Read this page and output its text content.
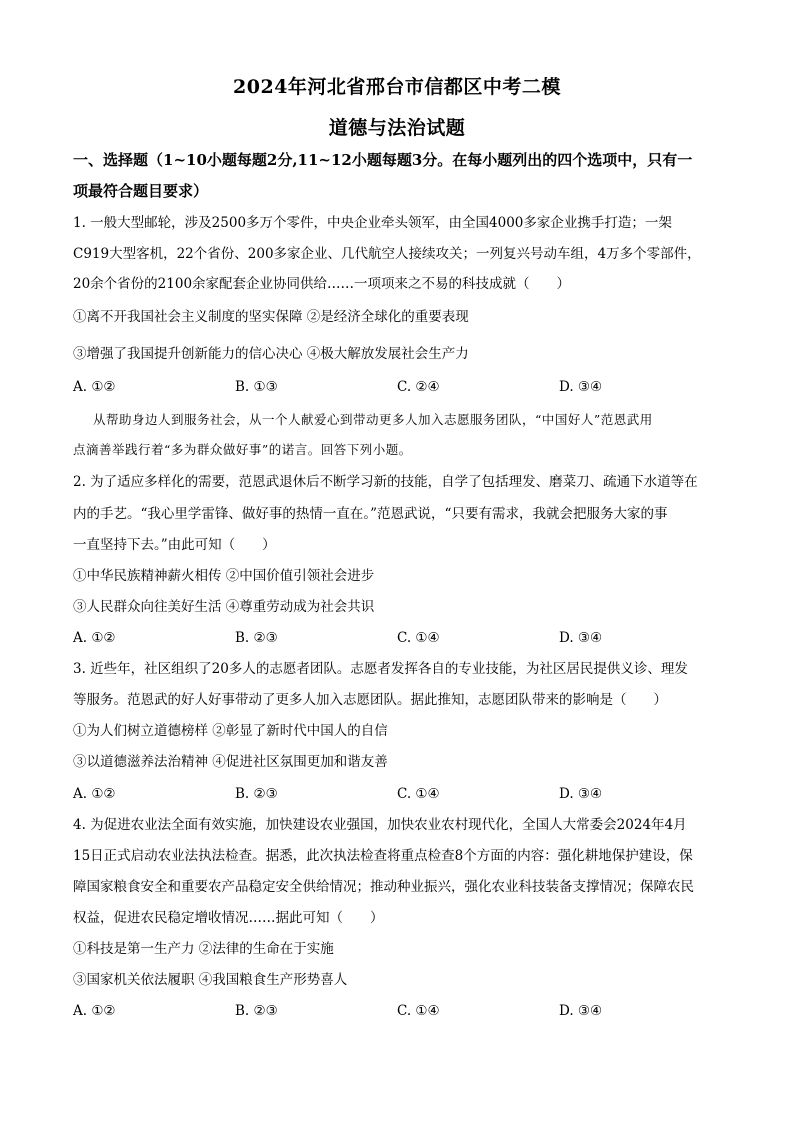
2024年河北省邢台市信都区中考二模
道德与法治试题
一、选择题（1~10小题每题2分,11~12小题每题3分。在每小题列出的四个选项中，只有一
项最符合题目要求）
1. 一般大型邮轮，涉及2500多万个零件，中央企业牵头领军，由全国4000多家企业携手打造；一架
C919大型客机，22个省份、200多家企业、几代航空人接续攻关；一列复兴号动车组，4万多个零部件，
20余个省份的2100余家配套企业协同供给……一项项来之不易的科技成就（　　）
①离不开我国社会主义制度的坚实保障 ②是经济全球化的重要表现
③增强了我国提升创新能力的信心决心 ④极大解放发展社会生产力
A. ①②	B. ①③	C. ②④	D. ③④
从帮助身边人到服务社会，从一个人献爱心到带动更多人加入志愿服务团队，“中国好人”范恩武用
点滴善举践行着“多为群众做好事”的诺言。回答下列小题。
2. 为了适应多样化的需要，范恩武退休后不断学习新的技能，自学了包括理发、磨菜刀、疏通下水道等在
内的手艺。“我心里学雷锋、做好事的热情一直在。”范恩武说，“只要有需求，我就会把服务大家的事
一直坚持下去。”由此可知（　　）
①中华民族精神薪火相传 ②中国价值引领社会进步
③人民群众向往美好生活 ④尊重劳动成为社会共识
A. ①②	B. ②③	C. ①④	D. ③④
3. 近些年，社区组织了20多人的志愿者团队。志愿者发挥各自的专业技能，为社区居民提供义诊、理发
等服务。范恩武的好人好事带动了更多人加入志愿团队。据此推知，志愿团队带来的影响是（　　）
①为人们树立道德榜样 ②彰显了新时代中国人的自信
③以道德滋养法治精神 ④促进社区氛围更加和谐友善
A. ①②	B. ②③	C. ①④	D. ③④
4. 为促进农业法全面有效实施，加快建设农业强国，加快农业农村现代化，全国人大常委会2024年4月
15日正式启动农业法执法检查。据悉，此次执法检查将重点检查8个方面的内容：强化耕地保护建设，保
障国家粮食安全和重要农产品稳定安全供给情况；推动种业振兴，强化农业科技装备支撑情况；保障农民
权益，促进农民稳定增收情况……据此可知（　　）
①科技是第一生产力 ②法律的生命在于实施
③国家机关依法履职 ④我国粮食生产形势喜人
A. ①②	B. ②③	C. ①④	D. ③④
